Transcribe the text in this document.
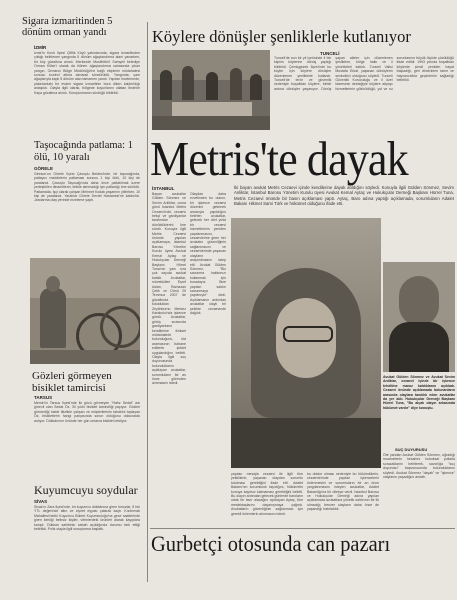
Sigara izmaritinden 5 dönüm orman yandı
İZMİR
İzmir'in Kınık İlçesi Çiftlik Köyü yakınlarında, sigara izmaritinden çıktığı belirlenen yangında 5 dönüm ağaçlandırma alanı yanarken, bir köy gözaltına alındı. Merkezde Muslihittin'i Samyeli belediye Orman Kilise'i olarak da bilinen ağaçlandırma sahasında çıkan yangın, Ormancı Bölge Müdürlüğü'ne bağlı ekiplerin müdahalesi sonucu kontrol altına alınarak söndürüldü. Yangında, çam ağaçlarıyla kaplı 5 dönüm alan tamamen yandı. Yapılan incelemede, yakınlardaki bir evden sigara izmaritinin bora diken kaldırıldığı anlaşıldı. Olayla ilgili olarak, bölgede koyunlarını otlatan İbrahim Kaya gözaltına alındı. Soruşturmanın sürdüğü bildirildi.
Taşocağında patlama: 1 ölü, 10 yaralı
GÖRELE
Giresun'un Görele İlçesi Çavuşlu Beldesi'nde, bir taşocağında, patlayıcı maddelerin patlaması sonucu 1 kişi öldü, 10 kişi de yaralandı. Çavuşlu Taşocağı'nda daha önce patlatılmak üzere yerleştirilen dinamitlerin, tetikle alınmadığı için patladığı öne sürüldü. Patlamada, işçi olarak çalışan Mehmet Kodak yaşamını yitirirken, 10 kişi de yaralandı. Yaralılar Görele Devlet Hastanesi'ne kaldırıldı. Jandarma olay yerinde inceleme yaptı.
Gözleri görmeyen bisiklet tamircisi
TARSUS
Mersin'in Tarsus İlçesi'nde iki gözü görmeyen "Hafız Sedat" adı görevli olan Sedat Öz, 30 yıldır bisiklet tamirciliği yapıyor. Gözleri görmediği halde titizlikle çalışan ve müşterilerinin takdirini toplayan Öz, bisikletlerin hangi parçasında sorun olduğunu dokunarak anlıyor. Dükkânının önünde her gün onlarca bisiklet bekliyor.
Kuyumcuyu soydular
SİVAS
Sivas'ın Zara İlçesi'nde, bir kuyumcu dükkânına giren hırsızlar, 5 bin YTL değerinde altın ve ziynet eşyası çalarak kaçtı. Kızılırmak Mahallesi'ndeki Kuyumcu Bülent Kuyumculuğu'na gece saatlerinde giren kimliği belirsiz kişiler, vitrinlerdeki ürünleri alarak kayıplara karıştı. Dükkan sahibinin sabah açıldığında durumu fark ettiği belirtildi. Polis olayla ilgili soruşturma başlattı.
Köylere dönüşler şenliklerle kutlanıyor
TUNCELİ
Tunceli'de son bir yıl içerisinde 4 bin kişinin köylerine dönüş yaptığı bildirildi. Çemişgezek İlçesi'nde bu köyler için köylere dönüşler düzenlenen şenliklerle kutlandı. Tunceli'de terör ve güvenlik nedeniyle boşaltılan köylere, birbiri ardına dönüşler yaşanıyor. Dönüş yapan aileler için düzenlenen şenliklere, bölge halkı ve il yöneticileri katıldı. Tunceli Valisi Mustafa Erkal, yaşanan dönüşlerin sevindirici olduğunu söyledi. Tunceli Güvenlik Koruculuğu ve il özel idaresinin desteğiyle köylere altyapı hizmetlerinin götürüldüğü, yol ve su sorunlarının büyük ölçüde çözüldüğü ifade edildi. 1993 yılında boşaltılan köylerde şimdi yeniden hayat başladığı, geri dönenlerin tarım ve hayvancılıkla geçimlerini sağladığı belirtildi.
Metris'te dayak
İki bayan avukat Metris Cezaevi içinde kendilerine dayak atıldığını söyledi. Konuyla ilgili Gülden Sönmez, Sevim Anliktar, İstanbul Barosu Yönetim Kurulu üyesi Avukat Kemal Aytaç ve Hukukçular Derneği Başkanı Hürrel Tuna, Metris Cezaevi önünde bir basın açıklaması yaptı. Aytaç, Baro adına yaptığı açıklamada, sorumluların Adalet Bakanı Hikmet Sami Türk ve hükümet olduğunu ifade etti.
İSTANBUL
Bayan avukatlar Gülden Sönmez ve Sevim Anliktar, cuma günü İstanbul Metris Cezaevi'nde, cezaevi bekçi ve gardiyanlar tarafından dövüldüklerini öne sürdü. Konuyla ilgili Metris Cezaevi önünde yapılan açıklamaya, İstanbul Barosu Yönetim Kurulu üyesi Avukat Kemal Aytaç ve Hukukçular Derneği Başkanı Hürrel Tuna'nın yanı sıra çok sayıda avukat katıldı. Avukatlar, müvekkilleri Eşref Aslan, Ramazan Çelik ve Dünü 29 Temmuz 2007 de gözaltında tutuldukları Zeytinburnu Merkez Karakolu'nda işkence gördü. Avukatlar, görüş sırasında gardiyanların kendilerine fiziksel müdahalede bulunduğunu, üst aramasının bahane edilerek şiddet uygulandığını belirtti. Olayla ilgili suç duyurusunda bulunduklarını açıklayan avukatlar, sorumluların bir an önce görevden alınmasını istedi.
Olaydan daha evvelinden bu olanın, bir işkence cezaevi düzenini getirmek amacıyla yapıldığını belirten avukatlar, gelecek her dört yılda bir cezaevi hizmetlerinin yeniden yapılanmasını, cezaevlerine giren her avukatın güvenliğinin sağlanmasını ve cezaevlerinde yaşanan olayların araştırılmasını talep etti. Avukat Gülden Sönmez, "Biz savunma hakkımızı kullanmak için buradayız. Bize yapılan saldırı savunmaya yapılmıştır" dedi. Açıklamanın ardından avukatlar olaylı bir şekilde cezaevinde dağıldı.
Avukat Gülden Sönmez ve Avukat Sevim Anliktar, cezaevi içinde bir işkence tehditine maruz kaldıklarını açıkladı. Cezaevi önünde açıklamada bulunanların arasında olaylara tanıklık eden avukatlar da yer aldı. Hukukçular Derneği Başkanı Hürrel Tuna, "Bu alçak olayın arkasında hükümet vardır" diye konuştu.
SUÇ DUYURUSU
Öte yandan Avukat Gülden Sönmez, uğradığı muamelenin hesabını hukuksal yollarla soracaklarını belirterek, savcılığa "suç duyurusu" başvurusunda bulunduklarını söyledi. Avukat Sönmez "dayak" ve "işkence" olaylarını yaşadığını anlattı.
yapılan mesajla cezaevi ile ilgili tüm yetkililerin, yaşanan olaydan sorumlu tutulması gerektiğini ifade etti. Adalet Bakanı'nın sorumluluk taşıdığını, hükümetin konuya kayıtsız kalmaması gerektiğini belirtti. Bu olayın ardından gelecek günlerde baroların ortak bir tavır alacağını açıklayan Aytaç, tüm meslektaşlarını dayanışmaya çağırdı. Avukatların güvenliğinin sağlanması için gerekli önlemlerin alınmasını istedi.
bu doktor olması nedeniyle bu hükümlülerin, cezaevlerinde yapılan işkencelerin önlenmesini ve sorumluların bir an önce yargılanmasını isteyen avukatlar, Adalet Bakanlığı'na bir dilekçe verdi. İstanbul Barosu ve Hukukçular Derneği adına yapılan açıklamada avukatlara yönelik saldırının bir ilk olmadığı, benzer olayların daha önce de yaşandığı hatırlatıldı.
Gurbetçi otosunda can pazarı
